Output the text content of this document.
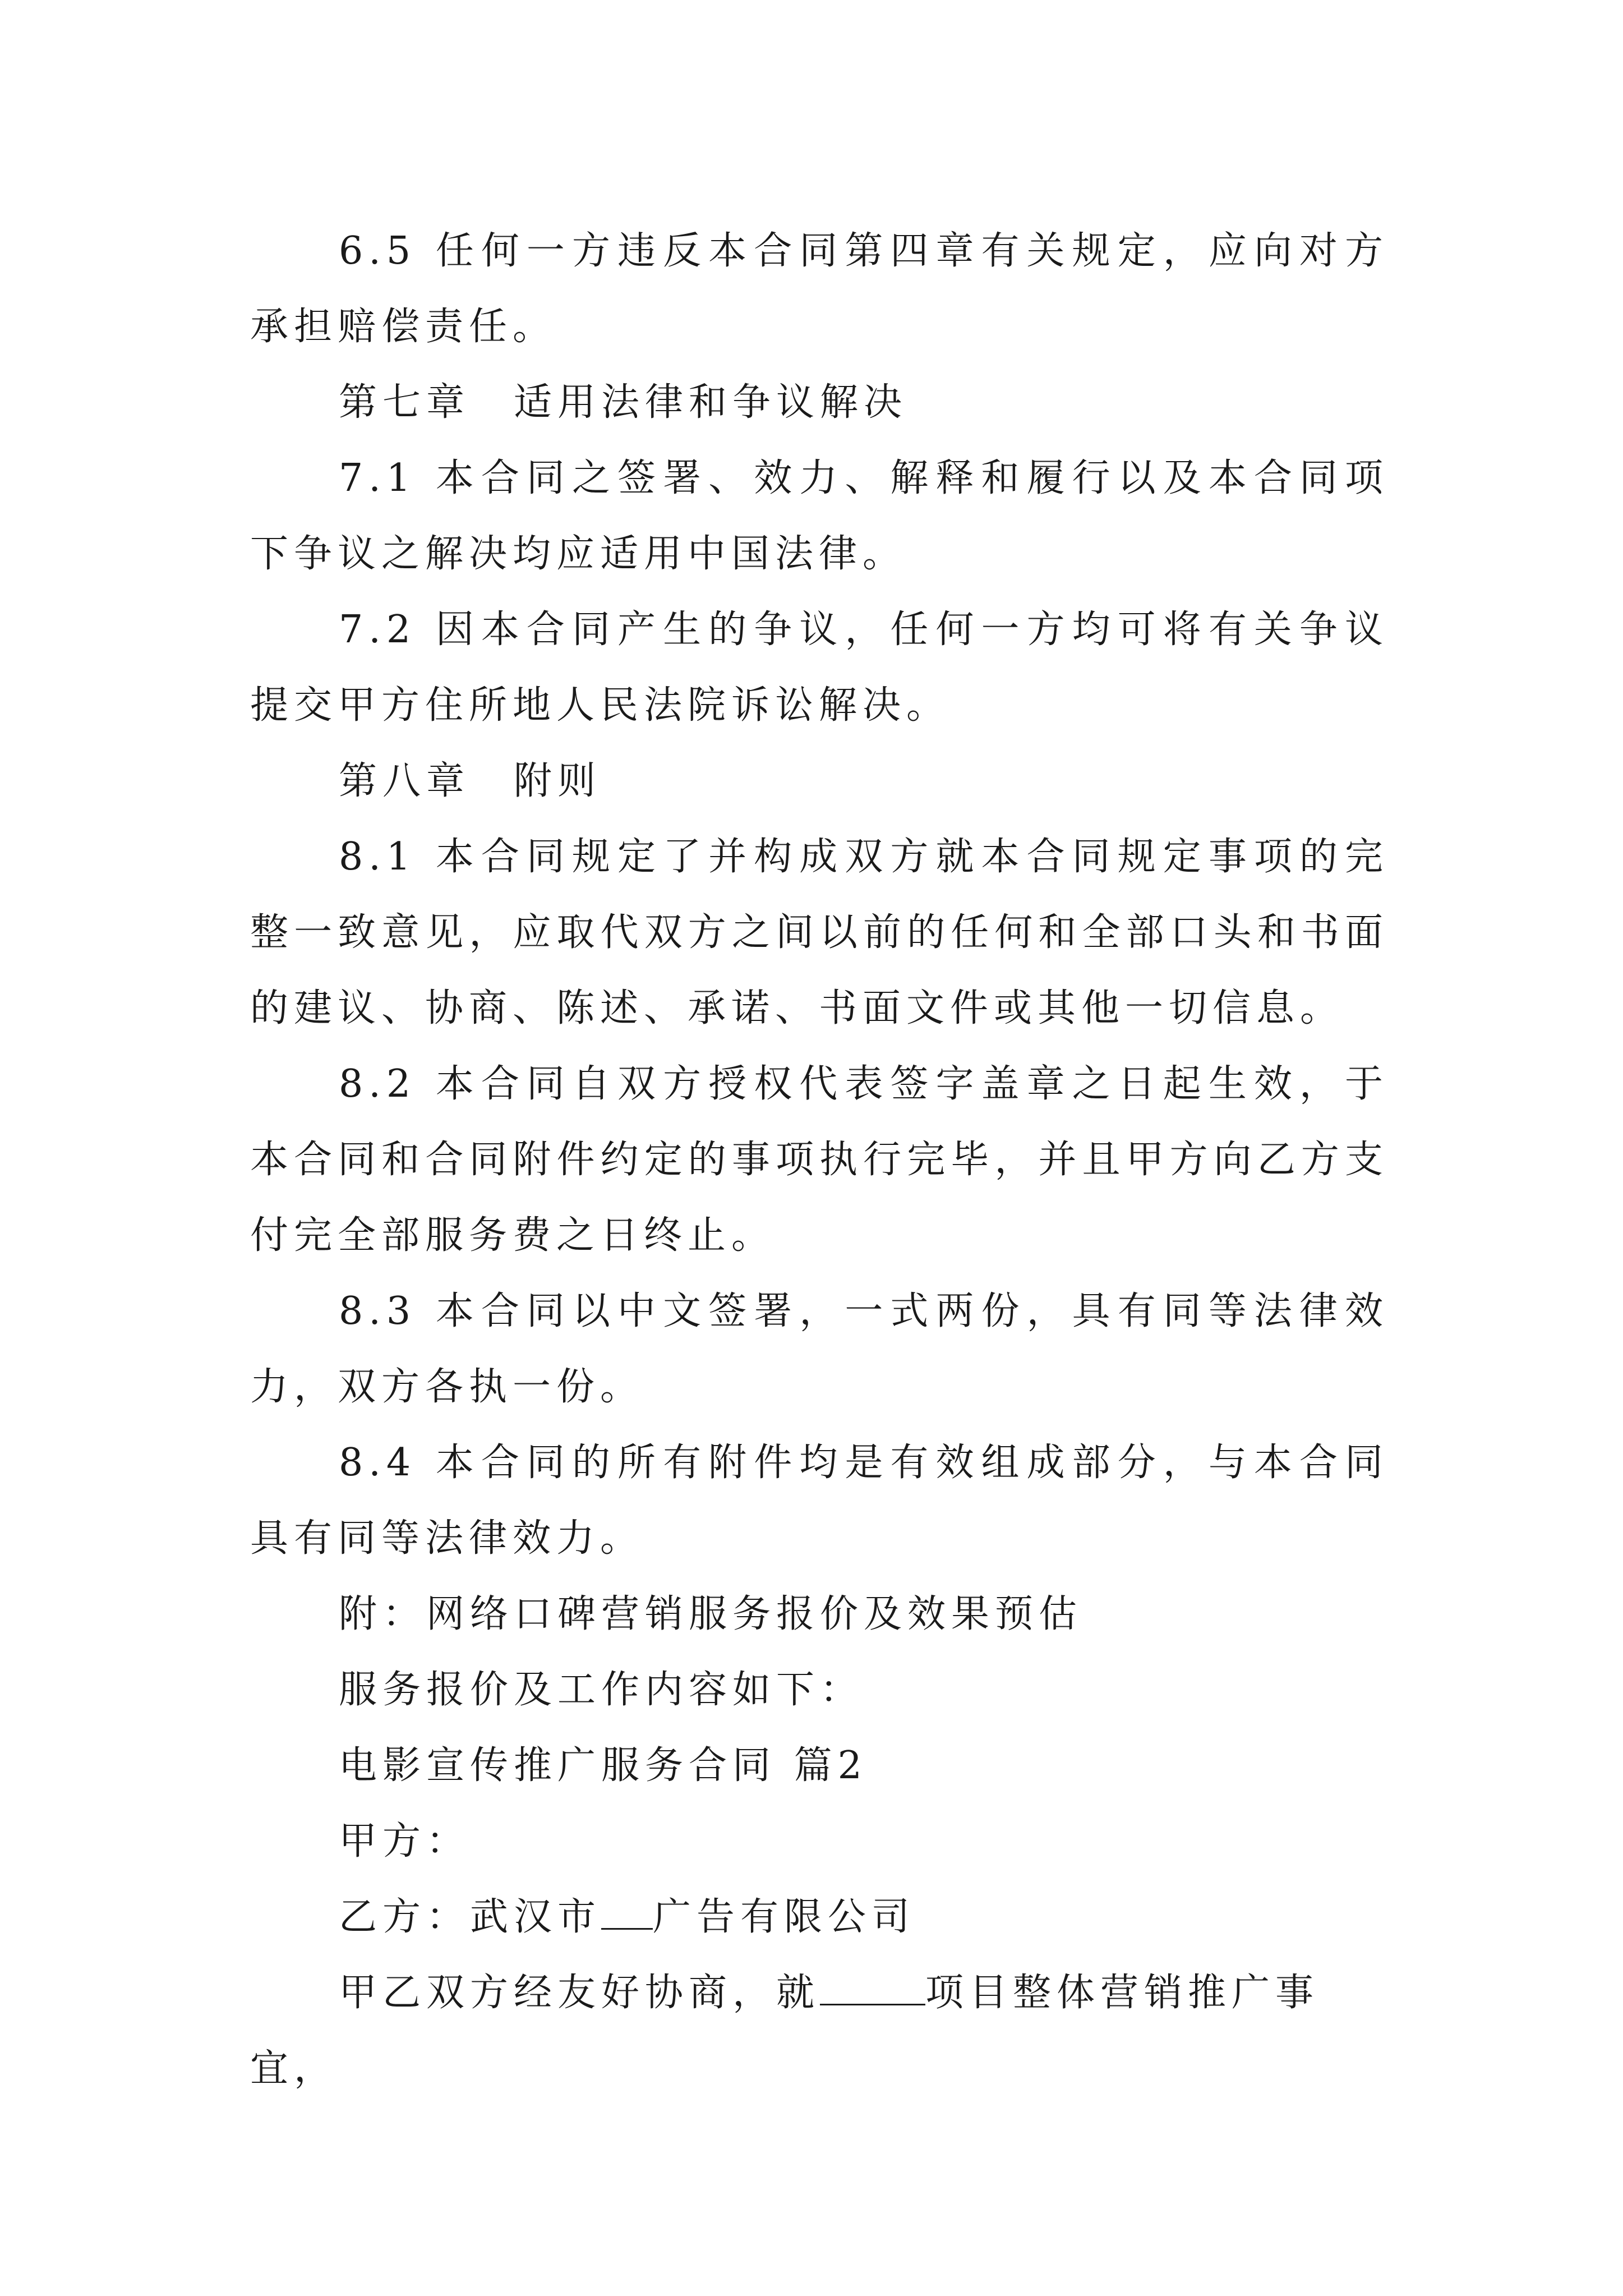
6.5 任何一方违反本合同第四章有关规定，应向对方承担赔偿责任。

第七章　适用法律和争议解决

7.1 本合同之签署、效力、解释和履行以及本合同项下争议之解决均应适用中国法律。

7.2 因本合同产生的争议，任何一方均可将有关争议提交甲方住所地人民法院诉讼解决。

第八章　附则

8.1 本合同规定了并构成双方就本合同规定事项的完整一致意见，应取代双方之间以前的任何和全部口头和书面的建议、协商、陈述、承诺、书面文件或其他一切信息。

8.2 本合同自双方授权代表签字盖章之日起生效，于本合同和合同附件约定的事项执行完毕，并且甲方向乙方支付完全部服务费之日终止。

8.3 本合同以中文签署，一式两份，具有同等法律效力，双方各执一份。

8.4 本合同的所有附件均是有效组成部分，与本合同具有同等法律效力。

附：网络口碑营销服务报价及效果预估

服务报价及工作内容如下：

电影宣传推广服务合同 篇2

甲方：

乙方：武汉市 广告有限公司

甲乙双方经友好协商，就	项目整体营销推广事宜，
